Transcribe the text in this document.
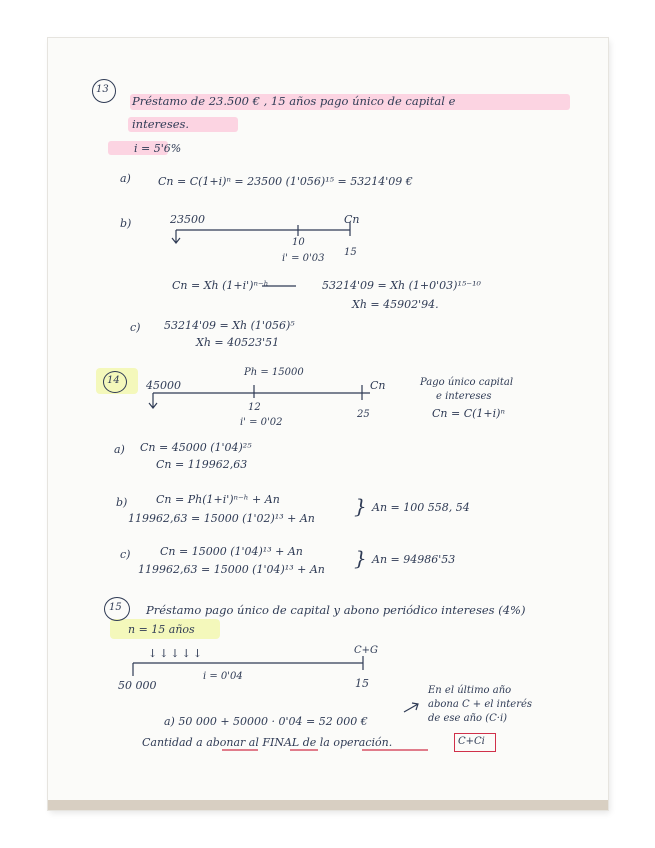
13
14
15
Préstamo de 23.500 € , 15 años pago único de capital e
intereses.
i = 5'6%
a) Cn = C(1+i)ⁿ = 23500 (1'056)¹⁵ = 53214'09 €
b)	23500	Cn
10
15
i' = 0'03
Cn = Xh (1+i')ⁿ⁻ʰ	53214'09 = Xh (1+0'03)¹⁵⁻¹⁰
Xh = 45902'94.
c) 53214'09 = Xh (1'056)⁵
Xh = 40523'51
45000
Ph = 15000
Cn
12
i' = 0'02
25
Pago único capital
e intereses
Cn = C(1+i)ⁿ
a) Cn = 45000 (1'04)²⁵
Cn = 119962,63
b)	Cn = Ph(1+i')ⁿ⁻ʰ + An
119962,63 = 15000 (1'02)¹³ + An
} An = 100 558, 54
c)	Cn = 15000 (1'04)¹³ + An
119962,63 = 15000 (1'04)¹³ + An } An = 94986'53
Préstamo pago único de capital y abono periódico intereses (4%)
n = 15 años
↓↓↓↓↓	C+G
50 000
i = 0'04
15
a) 50 000 + 50000 · 0'04 = 52 000 €
En el último año
abona C + el interés
de ese año (C·i)
Cantidad a abonar al FINAL de la operación.	C+Ci
